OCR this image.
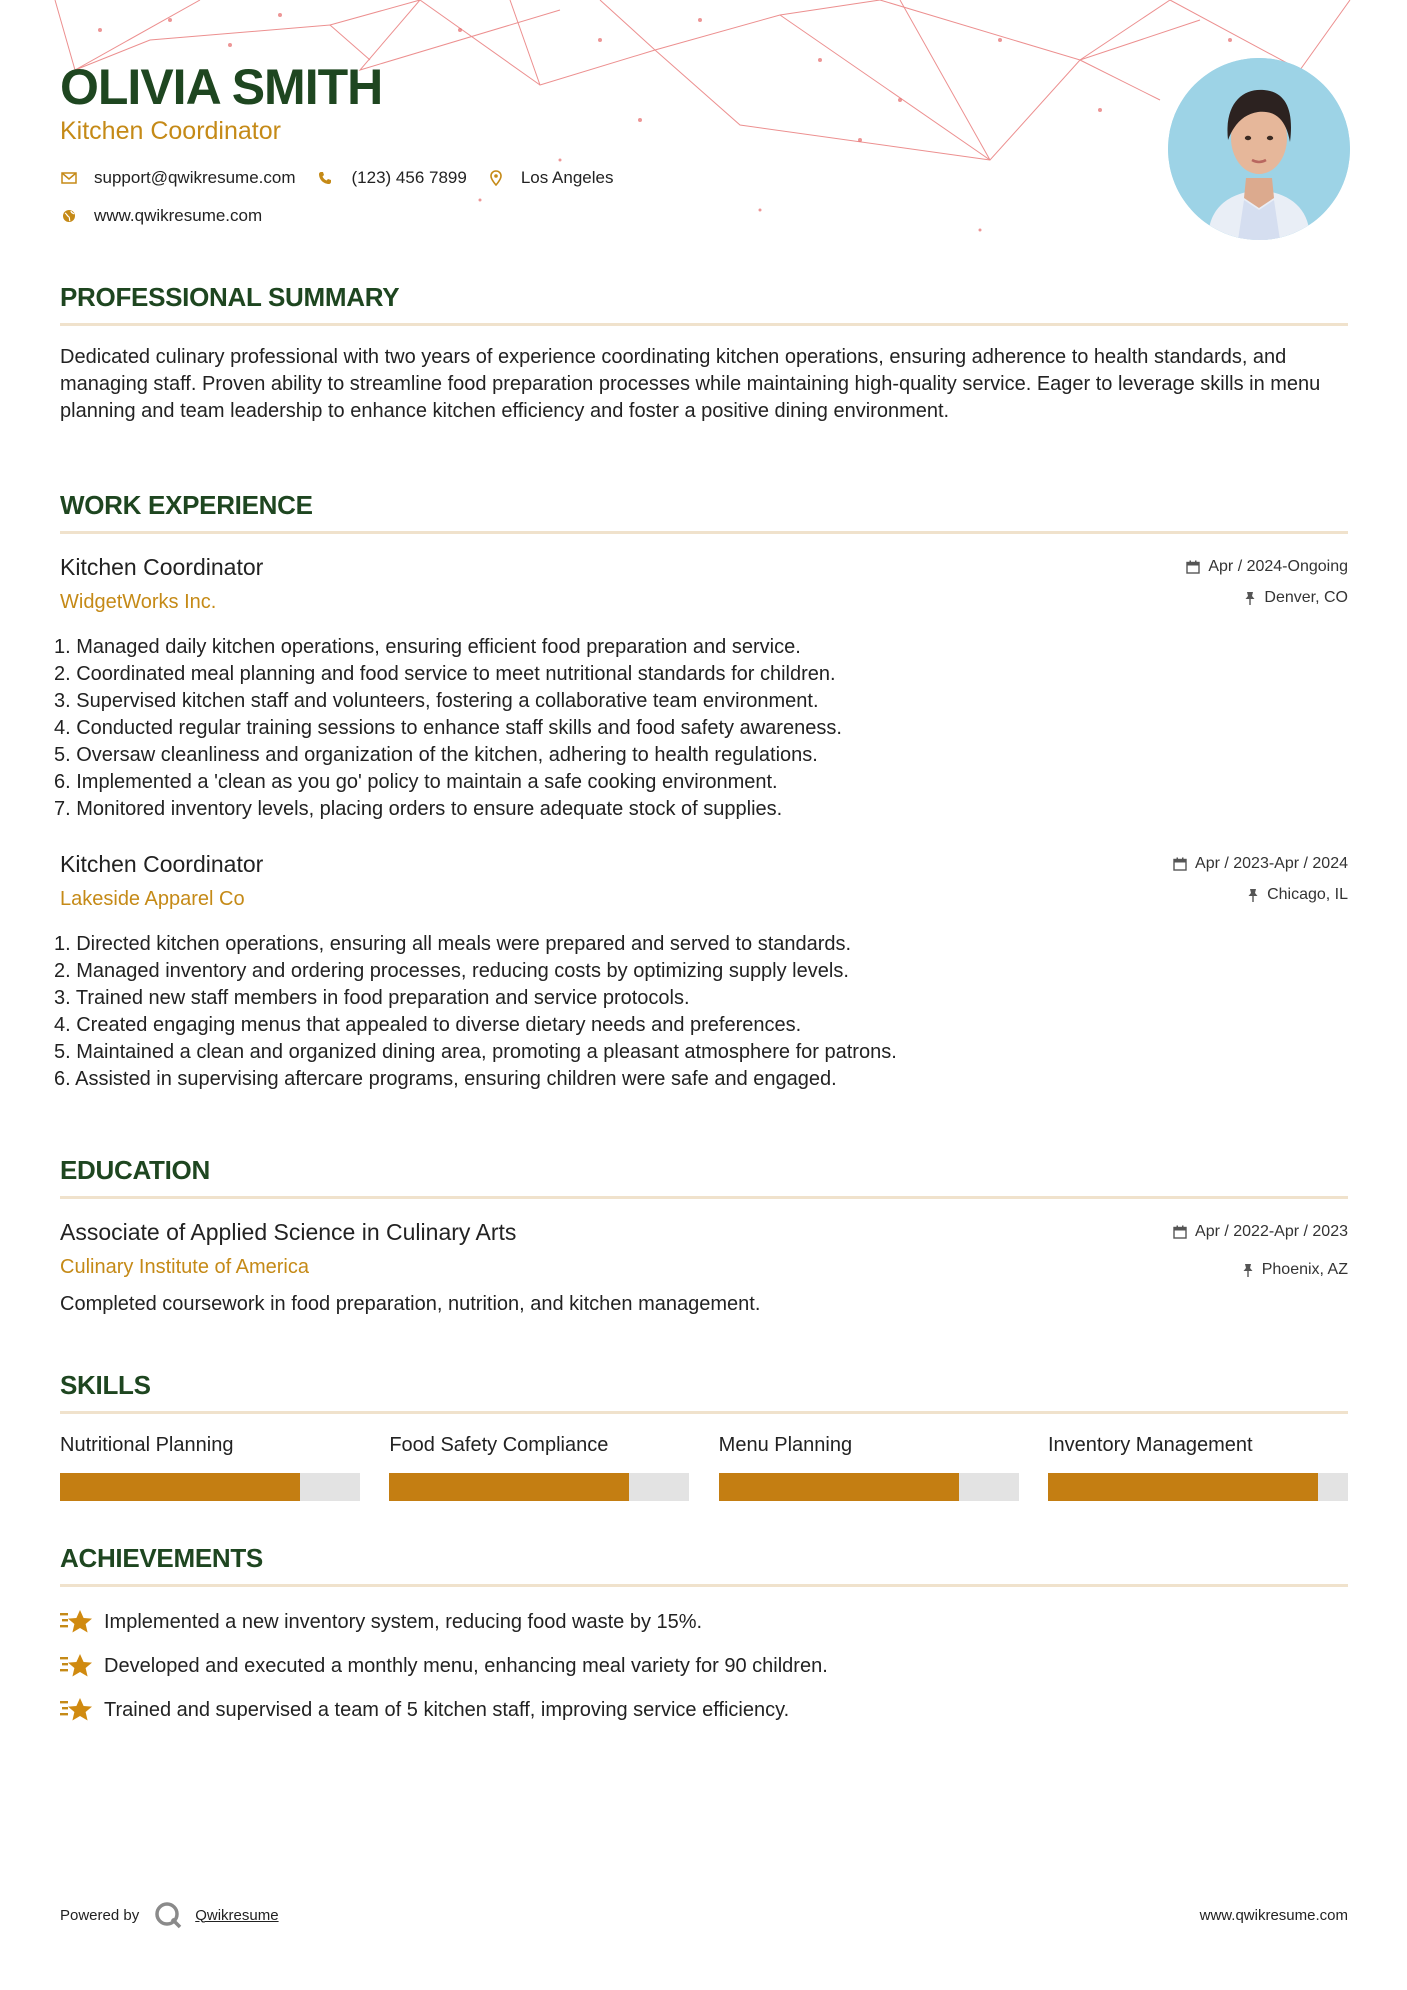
OLIVIA SMITH
Kitchen Coordinator
support@qwikresume.com	(123) 456 7899	Los Angeles
www.qwikresume.com
PROFESSIONAL SUMMARY
Dedicated culinary professional with two years of experience coordinating kitchen operations, ensuring adherence to health standards, and managing staff. Proven ability to streamline food preparation processes while maintaining high-quality service. Eager to leverage skills in menu planning and team leadership to enhance kitchen efficiency and foster a positive dining environment.
WORK EXPERIENCE
Kitchen Coordinator
WidgetWorks Inc.
Apr / 2024-Ongoing
Denver, CO
1. Managed daily kitchen operations, ensuring efficient food preparation and service.
2. Coordinated meal planning and food service to meet nutritional standards for children.
3. Supervised kitchen staff and volunteers, fostering a collaborative team environment.
4. Conducted regular training sessions to enhance staff skills and food safety awareness.
5. Oversaw cleanliness and organization of the kitchen, adhering to health regulations.
6. Implemented a 'clean as you go' policy to maintain a safe cooking environment.
7. Monitored inventory levels, placing orders to ensure adequate stock of supplies.
Kitchen Coordinator
Lakeside Apparel Co
Apr / 2023-Apr / 2024
Chicago, IL
1. Directed kitchen operations, ensuring all meals were prepared and served to standards.
2. Managed inventory and ordering processes, reducing costs by optimizing supply levels.
3. Trained new staff members in food preparation and service protocols.
4. Created engaging menus that appealed to diverse dietary needs and preferences.
5. Maintained a clean and organized dining area, promoting a pleasant atmosphere for patrons.
6. Assisted in supervising aftercare programs, ensuring children were safe and engaged.
EDUCATION
Associate of Applied Science in Culinary Arts
Culinary Institute of America
Apr / 2022-Apr / 2023
Phoenix, AZ
Completed coursework in food preparation, nutrition, and kitchen management.
SKILLS
Nutritional Planning	Food Safety Compliance	Menu Planning	Inventory Management
ACHIEVEMENTS
Implemented a new inventory system, reducing food waste by 15%.
Developed and executed a monthly menu, enhancing meal variety for 90 children.
Trained and supervised a team of 5 kitchen staff, improving service efficiency.
Powered by	Qwikresume	www.qwikresume.com
